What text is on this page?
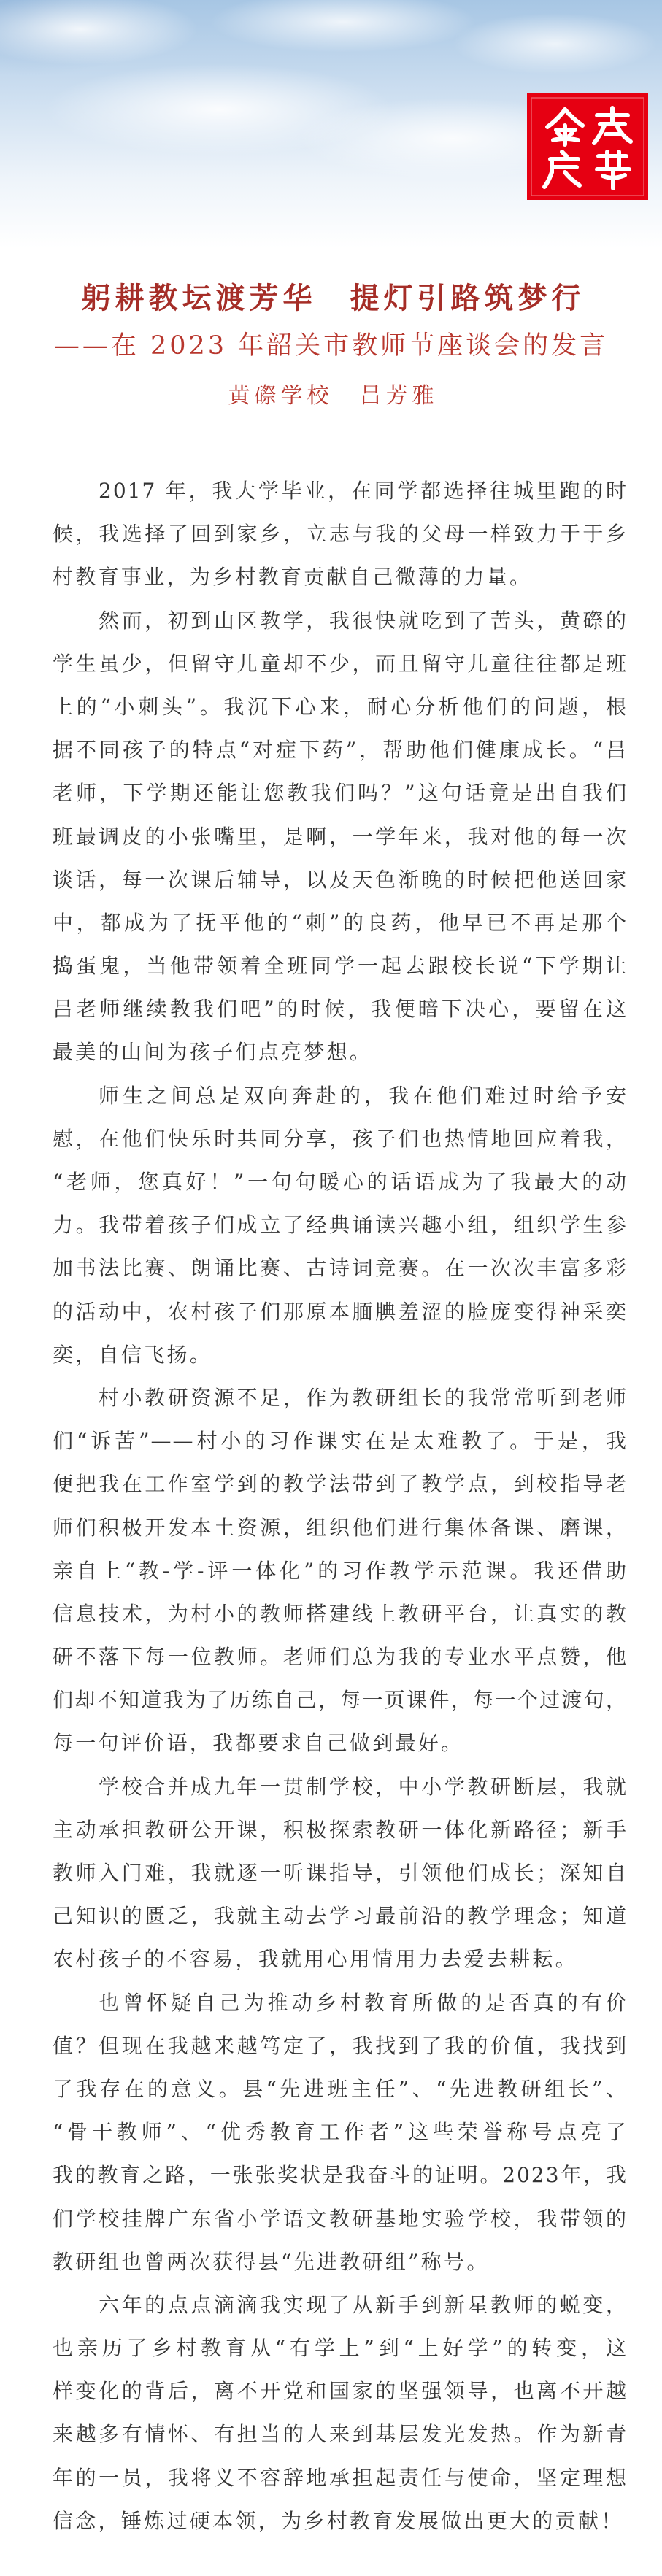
躬耕教坛渡芳华　提灯引路筑梦行
——在 2023 年韶关市教师节座谈会的发言
黄磜学校　吕芳雅
2017 年，我大学毕业，在同学都选择往城里跑的时
候，我选择了回到家乡，立志与我的父母一样致力于于乡
村教育事业，为乡村教育贡献自己微薄的力量。
然而，初到山区教学，我很快就吃到了苦头，黄磜的
学生虽少，但留守儿童却不少，而且留守儿童往往都是班
上的“小刺头”。我沉下心来，耐心分析他们的问题，根
据不同孩子的特点“对症下药”，帮助他们健康成长。“吕
老师，下学期还能让您教我们吗？”这句话竟是出自我们
班最调皮的小张嘴里，是啊，一学年来，我对他的每一次
谈话，每一次课后辅导，以及天色渐晚的时候把他送回家
中，都成为了抚平他的“刺”的良药，他早已不再是那个
捣蛋鬼，当他带领着全班同学一起去跟校长说“下学期让
吕老师继续教我们吧”的时候，我便暗下决心，要留在这
最美的山间为孩子们点亮梦想。
师生之间总是双向奔赴的，我在他们难过时给予安
慰，在他们快乐时共同分享，孩子们也热情地回应着我，
“老师，您真好！”一句句暖心的话语成为了我最大的动
力。我带着孩子们成立了经典诵读兴趣小组，组织学生参
加书法比赛、朗诵比赛、古诗词竞赛。在一次次丰富多彩
的活动中，农村孩子们那原本腼腆羞涩的脸庞变得神采奕
奕，自信飞扬。
村小教研资源不足，作为教研组长的我常常听到老师
们“诉苦”——村小的习作课实在是太难教了。于是，我
便把我在工作室学到的教学法带到了教学点，到校指导老
师们积极开发本土资源，组织他们进行集体备课、磨课，
亲自上“教-学-评一体化”的习作教学示范课。我还借助
信息技术，为村小的教师搭建线上教研平台，让真实的教
研不落下每一位教师。老师们总为我的专业水平点赞，他
们却不知道我为了历练自己，每一页课件，每一个过渡句，
每一句评价语，我都要求自己做到最好。
学校合并成九年一贯制学校，中小学教研断层，我就
主动承担教研公开课，积极探索教研一体化新路径；新手
教师入门难，我就逐一听课指导，引领他们成长；深知自
己知识的匮乏，我就主动去学习最前沿的教学理念；知道
农村孩子的不容易，我就用心用情用力去爱去耕耘。
也曾怀疑自己为推动乡村教育所做的是否真的有价
值？但现在我越来越笃定了，我找到了我的价值，我找到
了我存在的意义。县“先进班主任”、“先进教研组长”、
“骨干教师”、“优秀教育工作者”这些荣誉称号点亮了
我的教育之路，一张张奖状是我奋斗的证明。2023年，我
们学校挂牌广东省小学语文教研基地实验学校，我带领的
教研组也曾两次获得县“先进教研组”称号。
六年的点点滴滴我实现了从新手到新星教师的蜕变，
也亲历了乡村教育从“有学上”到“上好学”的转变，这
样变化的背后，离不开党和国家的坚强领导，也离不开越
来越多有情怀、有担当的人来到基层发光发热。作为新青
年的一员，我将义不容辞地承担起责任与使命，坚定理想
信念，锤炼过硬本领，为乡村教育发展做出更大的贡献！
